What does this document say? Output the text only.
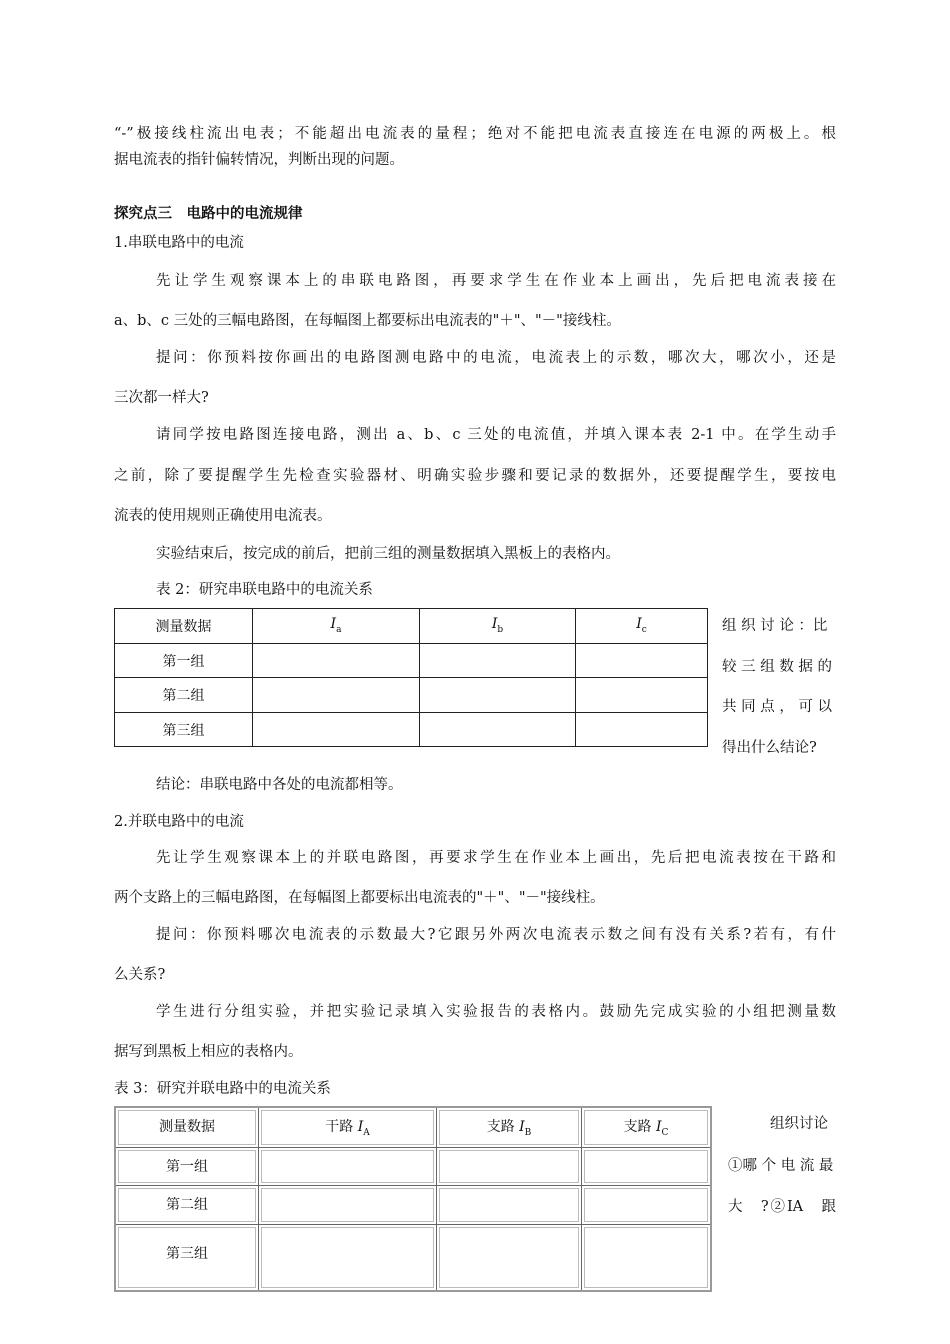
“-”极接线柱流出电表；不能超出电流表的量程；绝对不能把电流表直接连在电源的两极上。根
据电流表的指针偏转情况，判断出现的问题。
探究点三　电路中的电流规律
1.串联电路中的电流
先让学生观察课本上的串联电路图，再要求学生在作业本上画出，先后把电流表接在
a、b、c 三处的三幅电路图，在每幅图上都要标出电流表的"＋"、"－"接线柱。
提问：你预料按你画出的电路图测电路中的电流，电流表上的示数，哪次大，哪次小，还是
三次都一样大?
请同学按电路图连接电路，测出 a、b、c 三处的电流值，并填入课本表 2-1 中。在学生动手
之前，除了要提醒学生先检查实验器材、明确实验步骤和要记录的数据外，还要提醒学生，要按电
流表的使用规则正确使用电流表。
实验结束后，按完成的前后，把前三组的测量数据填入黑板上的表格内。
表 2：研究串联电路中的电流关系
测量数据	$I_a$	$I_b$	$I_c$
第一组			
第二组			
第三组			
组 织 讨 论 ：比
较 三 组 数 据 的
共 同 点 ， 可 以
得出什么结论?
结论：串联电路中各处的电流都相等。
2.并联电路中的电流
先让学生观察课本上的并联电路图，再要求学生在作业本上画出，先后把电流表按在干路和
两个支路上的三幅电路图，在每幅图上都要标出电流表的"＋"、"－"接线柱。
提问：你预料哪次电流表的示数最大?它跟另外两次电流表示数之间有没有关系?若有，有什
么关系?
学生进行分组实验，并把实验记录填入实验报告的表格内。鼓励先完成实验的小组把测量数
据写到黑板上相应的表格内。
表 3：研究并联电路中的电流关系
测量数据	干路 $I_A$	支路 $I_B$	支路 $I_C$
第一组			
第二组			
第三组			
组织讨论
①哪 个 电 流 最
大　?②IA　跟
